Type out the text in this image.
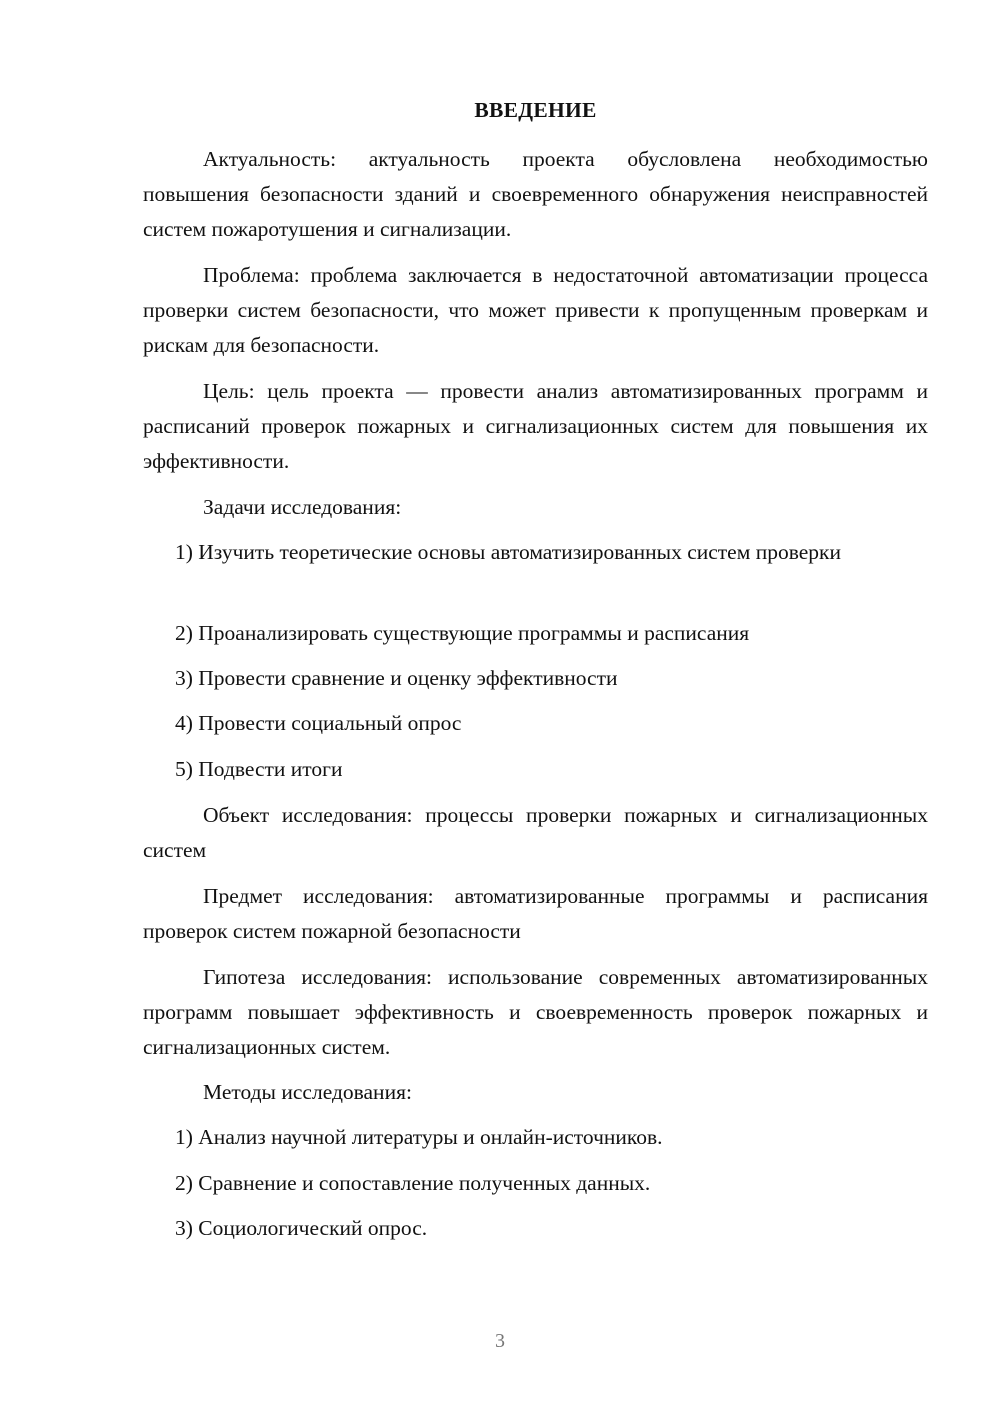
ВВЕДЕНИЕ

Актуальность: актуальность проекта обусловлена необходимостью повышения безопасности зданий и своевременного обнаружения неисправностей систем пожаротушения и сигнализации.

Проблема: проблема заключается в недостаточной автоматизации процесса проверки систем безопасности, что может привести к пропущенным проверкам и рискам для безопасности.

Цель: цель проекта — провести анализ автоматизированных программ и расписаний проверок пожарных и сигнализационных систем для повышения их эффективности.

Задачи исследования:

1) Изучить теоретические основы автоматизированных систем проверки

2) Проанализировать существующие программы и расписания

3) Провести сравнение и оценку эффективности

4) Провести социальный опрос

5) Подвести итоги

Объект исследования: процессы проверки пожарных и сигнализационных систем

Предмет исследования: автоматизированные программы и расписания проверок систем пожарной безопасности

Гипотеза исследования: использование современных автоматизированных программ повышает эффективность и своевременность проверок пожарных и сигнализационных систем.

Методы исследования:

1) Анализ научной литературы и онлайн-источников.

2) Сравнение и сопоставление полученных данных.

3) Социологический опрос.

3
